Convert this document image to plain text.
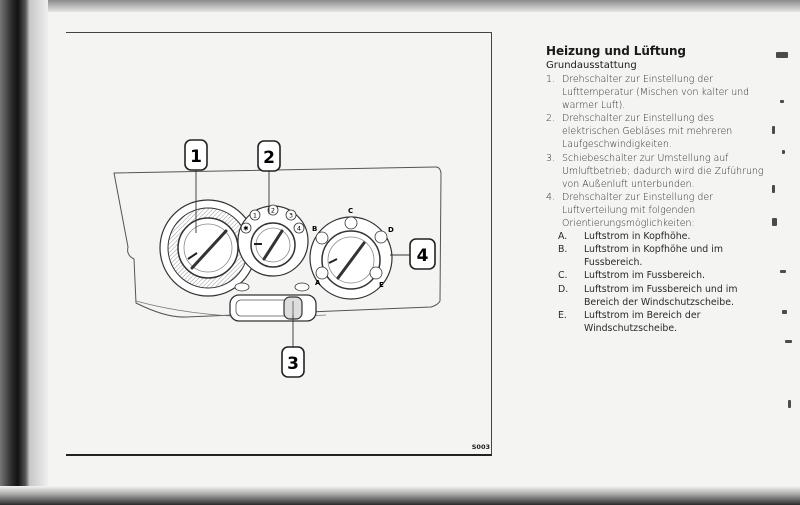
✱
1
2
3
4 B
C
D
E
A
1	2
3
4
S003
Heizung und Lüftung
Grundausstattung
1. Drehschalter zur Einstellung der Lufttemperatur (Mischen von kalter und warmer Luft).
2. Drehschalter zur Einstellung des elektrischen Gebläses mit mehreren Laufgeschwindigkeiten.
3. Schiebeschalter zur Umstellung auf Umluftbetrieb; dadurch wird die Zuführung von Außenluft unterbunden.
4. Drehschalter zur Einstellung der Luftverteilung mit folgenden Orientierungsmöglichkeiten:
A.	Luftstrom in Kopfhöhe.
B.	Luftstrom in Kopfhöhe und im Fussbereich.
C.	Luftstrom im Fussbereich.
D.	Luftstrom im Fussbereich und im Bereich der Windschutzscheibe.
E.	Luftstrom im Bereich der Windschutzscheibe.
